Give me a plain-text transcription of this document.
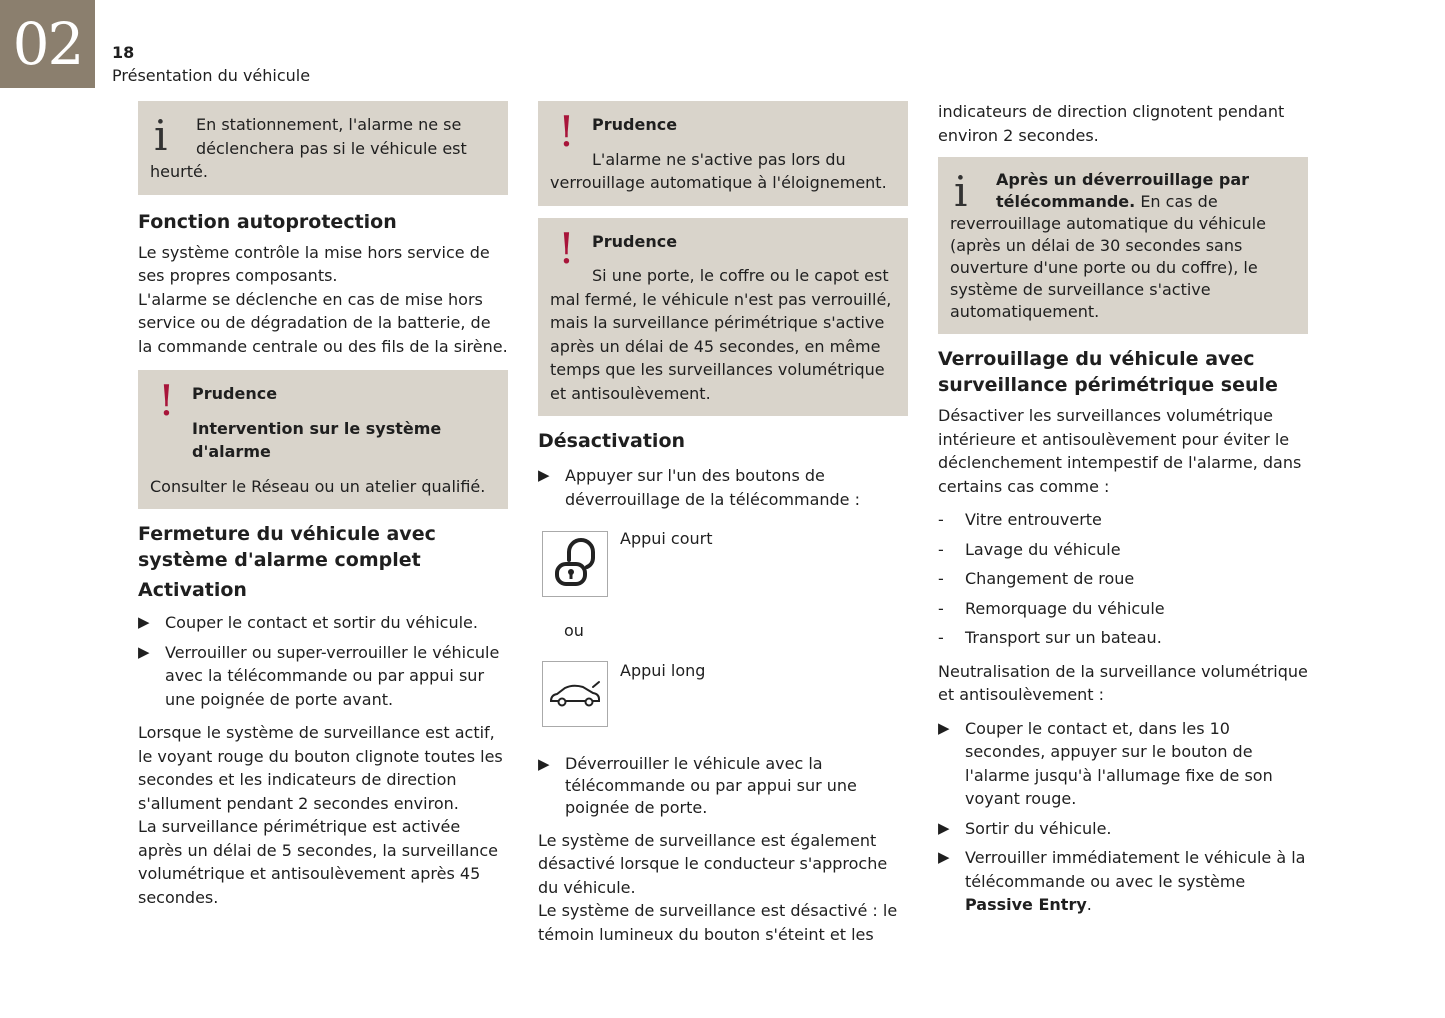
02	18
Présentation du véhicule
i	En stationnement, l'alarme ne se déclenchera pas si le véhicule est heurté.
Fonction autoprotection
Le système contrôle la mise hors service de ses propres composants.

L'alarme se déclenche en cas de mise hors service ou de dégradation de la batterie, de la commande centrale ou des fils de la sirène.

! Prudence
Intervention sur le système d'alarme
Consulter le Réseau ou un atelier qualifié.
Fermeture du véhicule avec système d'alarme complet
Activation
▶ Couper le contact et sortir du véhicule.
▶ Verrouiller ou super-verrouiller le véhicule avec la télécommande ou par appui sur une poignée de porte avant.
Lorsque le système de surveillance est actif, le voyant rouge du bouton clignote toutes les secondes et les indicateurs de direction s'allument pendant 2 secondes environ.
La surveillance périmétrique est activée après un délai de 5 secondes, la surveillance volumétrique et antisoulèvement après 45 secondes.
! Prudence
L'alarme ne s'active pas lors du verrouillage automatique à l'éloignement.
! Prudence
Si une porte, le coffre ou le capot est mal fermé, le véhicule n'est pas verrouillé, mais la surveillance périmétrique s'active après un délai de 45 secondes, en même temps que les surveillances volumétrique et antisoulèvement.
Désactivation
▶ Appuyer sur l'un des boutons de déverrouillage de la télécommande :
Appui court
ou
Appui long
▶ Déverrouiller le véhicule avec la télécommande ou par appui sur une poignée de porte.
Le système de surveillance est également désactivé lorsque le conducteur s'approche du véhicule.
Le système de surveillance est désactivé : le témoin lumineux du bouton s'éteint et les

indicateurs de direction clignotent pendant environ 2 secondes.

i	Après un déverrouillage par télécommande. En cas de reverrouillage automatique du véhicule (après un délai de 30 secondes sans ouverture d'une porte ou du coffre), le système de surveillance s'active automatiquement.
Verrouillage du véhicule avec surveillance périmétrique seule

Désactiver les surveillances volumétrique intérieure et antisoulèvement pour éviter le déclenchement intempestif de l'alarme, dans certains cas comme :

-	Vitre entrouverte
-	Lavage du véhicule
-	Changement de roue
-	Remorquage du véhicule
-	Transport sur un bateau.

Neutralisation de la surveillance volumétrique et antisoulèvement :

▶ Couper le contact et, dans les 10 secondes, appuyer sur le bouton de l'alarme jusqu'à l'allumage fixe de son voyant rouge.
▶ Sortir du véhicule.
▶ Verrouiller immédiatement le véhicule à la télécommande ou avec le système Passive Entry.
